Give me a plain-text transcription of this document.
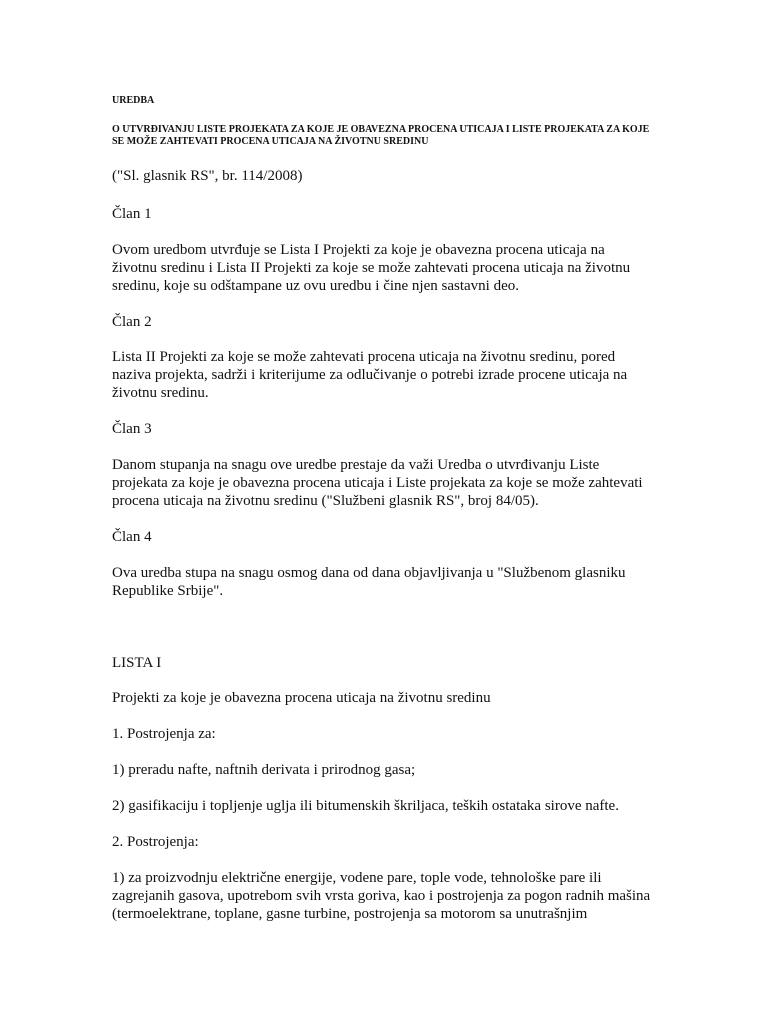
UREDBA
O UTVRĐIVANJU LISTE PROJEKATA ZA KOJE JE OBAVEZNA PROCENA UTICAJA I LISTE PROJEKATA ZA KOJE SE MOŽE ZAHTEVATI PROCENA UTICAJA NA ŽIVOTNU SREDINU

("Sl. glasnik RS", br. 114/2008)

Član 1

Ovom uredbom utvrđuje se Lista I Projekti za koje je obavezna procena uticaja na životnu sredinu i Lista II Projekti za koje se može zahtevati procena uticaja na životnu sredinu, koje su odštampane uz ovu uredbu i čine njen sastavni deo.

Član 2

Lista II Projekti za koje se može zahtevati procena uticaja na životnu sredinu, pored naziva projekta, sadrži i kriterijume za odlučivanje o potrebi izrade procene uticaja na životnu sredinu.

Član 3

Danom stupanja na snagu ove uredbe prestaje da važi Uredba o utvrđivanju Liste projekata za koje je obavezna procena uticaja i Liste projekata za koje se može zahtevati procena uticaja na životnu sredinu ("Službeni glasnik RS", broj 84/05).

Član 4

Ova uredba stupa na snagu osmog dana od dana objavljivanja u "Službenom glasniku Republike Srbije".

LISTA I

Projekti za koje je obavezna procena uticaja na životnu sredinu

1. Postrojenja za:

1) preradu nafte, naftnih derivata i prirodnog gasa;

2) gasifikaciju i topljenje uglja ili bitumenskih škriljaca, teških ostataka sirove nafte.

2. Postrojenja:

1) za proizvodnju električne energije, vodene pare, tople vode, tehnološke pare ili zagrejanih gasova, upotrebom svih vrsta goriva, kao i postrojenja za pogon radnih mašina (termoelektrane, toplane, gasne turbine, postrojenja sa motorom sa unutrašnjim
